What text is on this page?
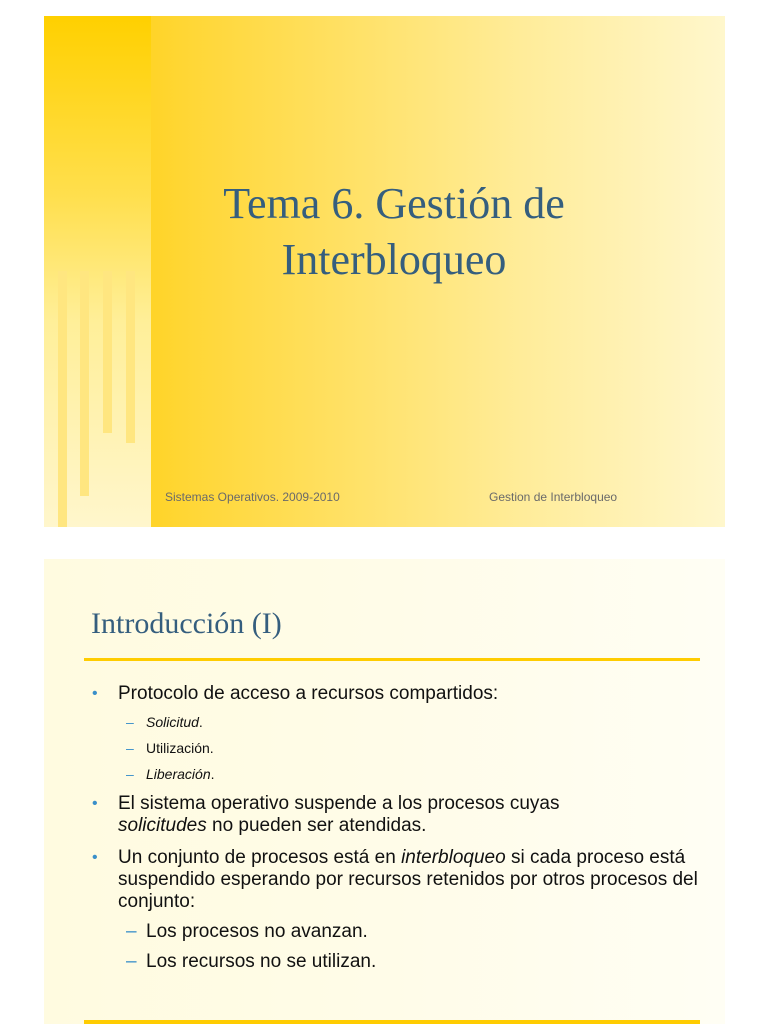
Tema 6. Gestión de
Interbloqueo
Sistemas Operativos. 2009-2010	Gestion de Interbloqueo
Introducción (I)
• Protocolo de acceso a recursos compartidos:
– Solicitud.
– Utilización.
– Liberación.
• El sistema operativo suspende a los procesos cuyas
solicitudes no pueden ser atendidas.
• Un conjunto de procesos está en interbloqueo si cada proceso está suspendido esperando por recursos retenidos por otros procesos del conjunto:
– Los procesos no avanzan.
– Los recursos no se utilizan.
